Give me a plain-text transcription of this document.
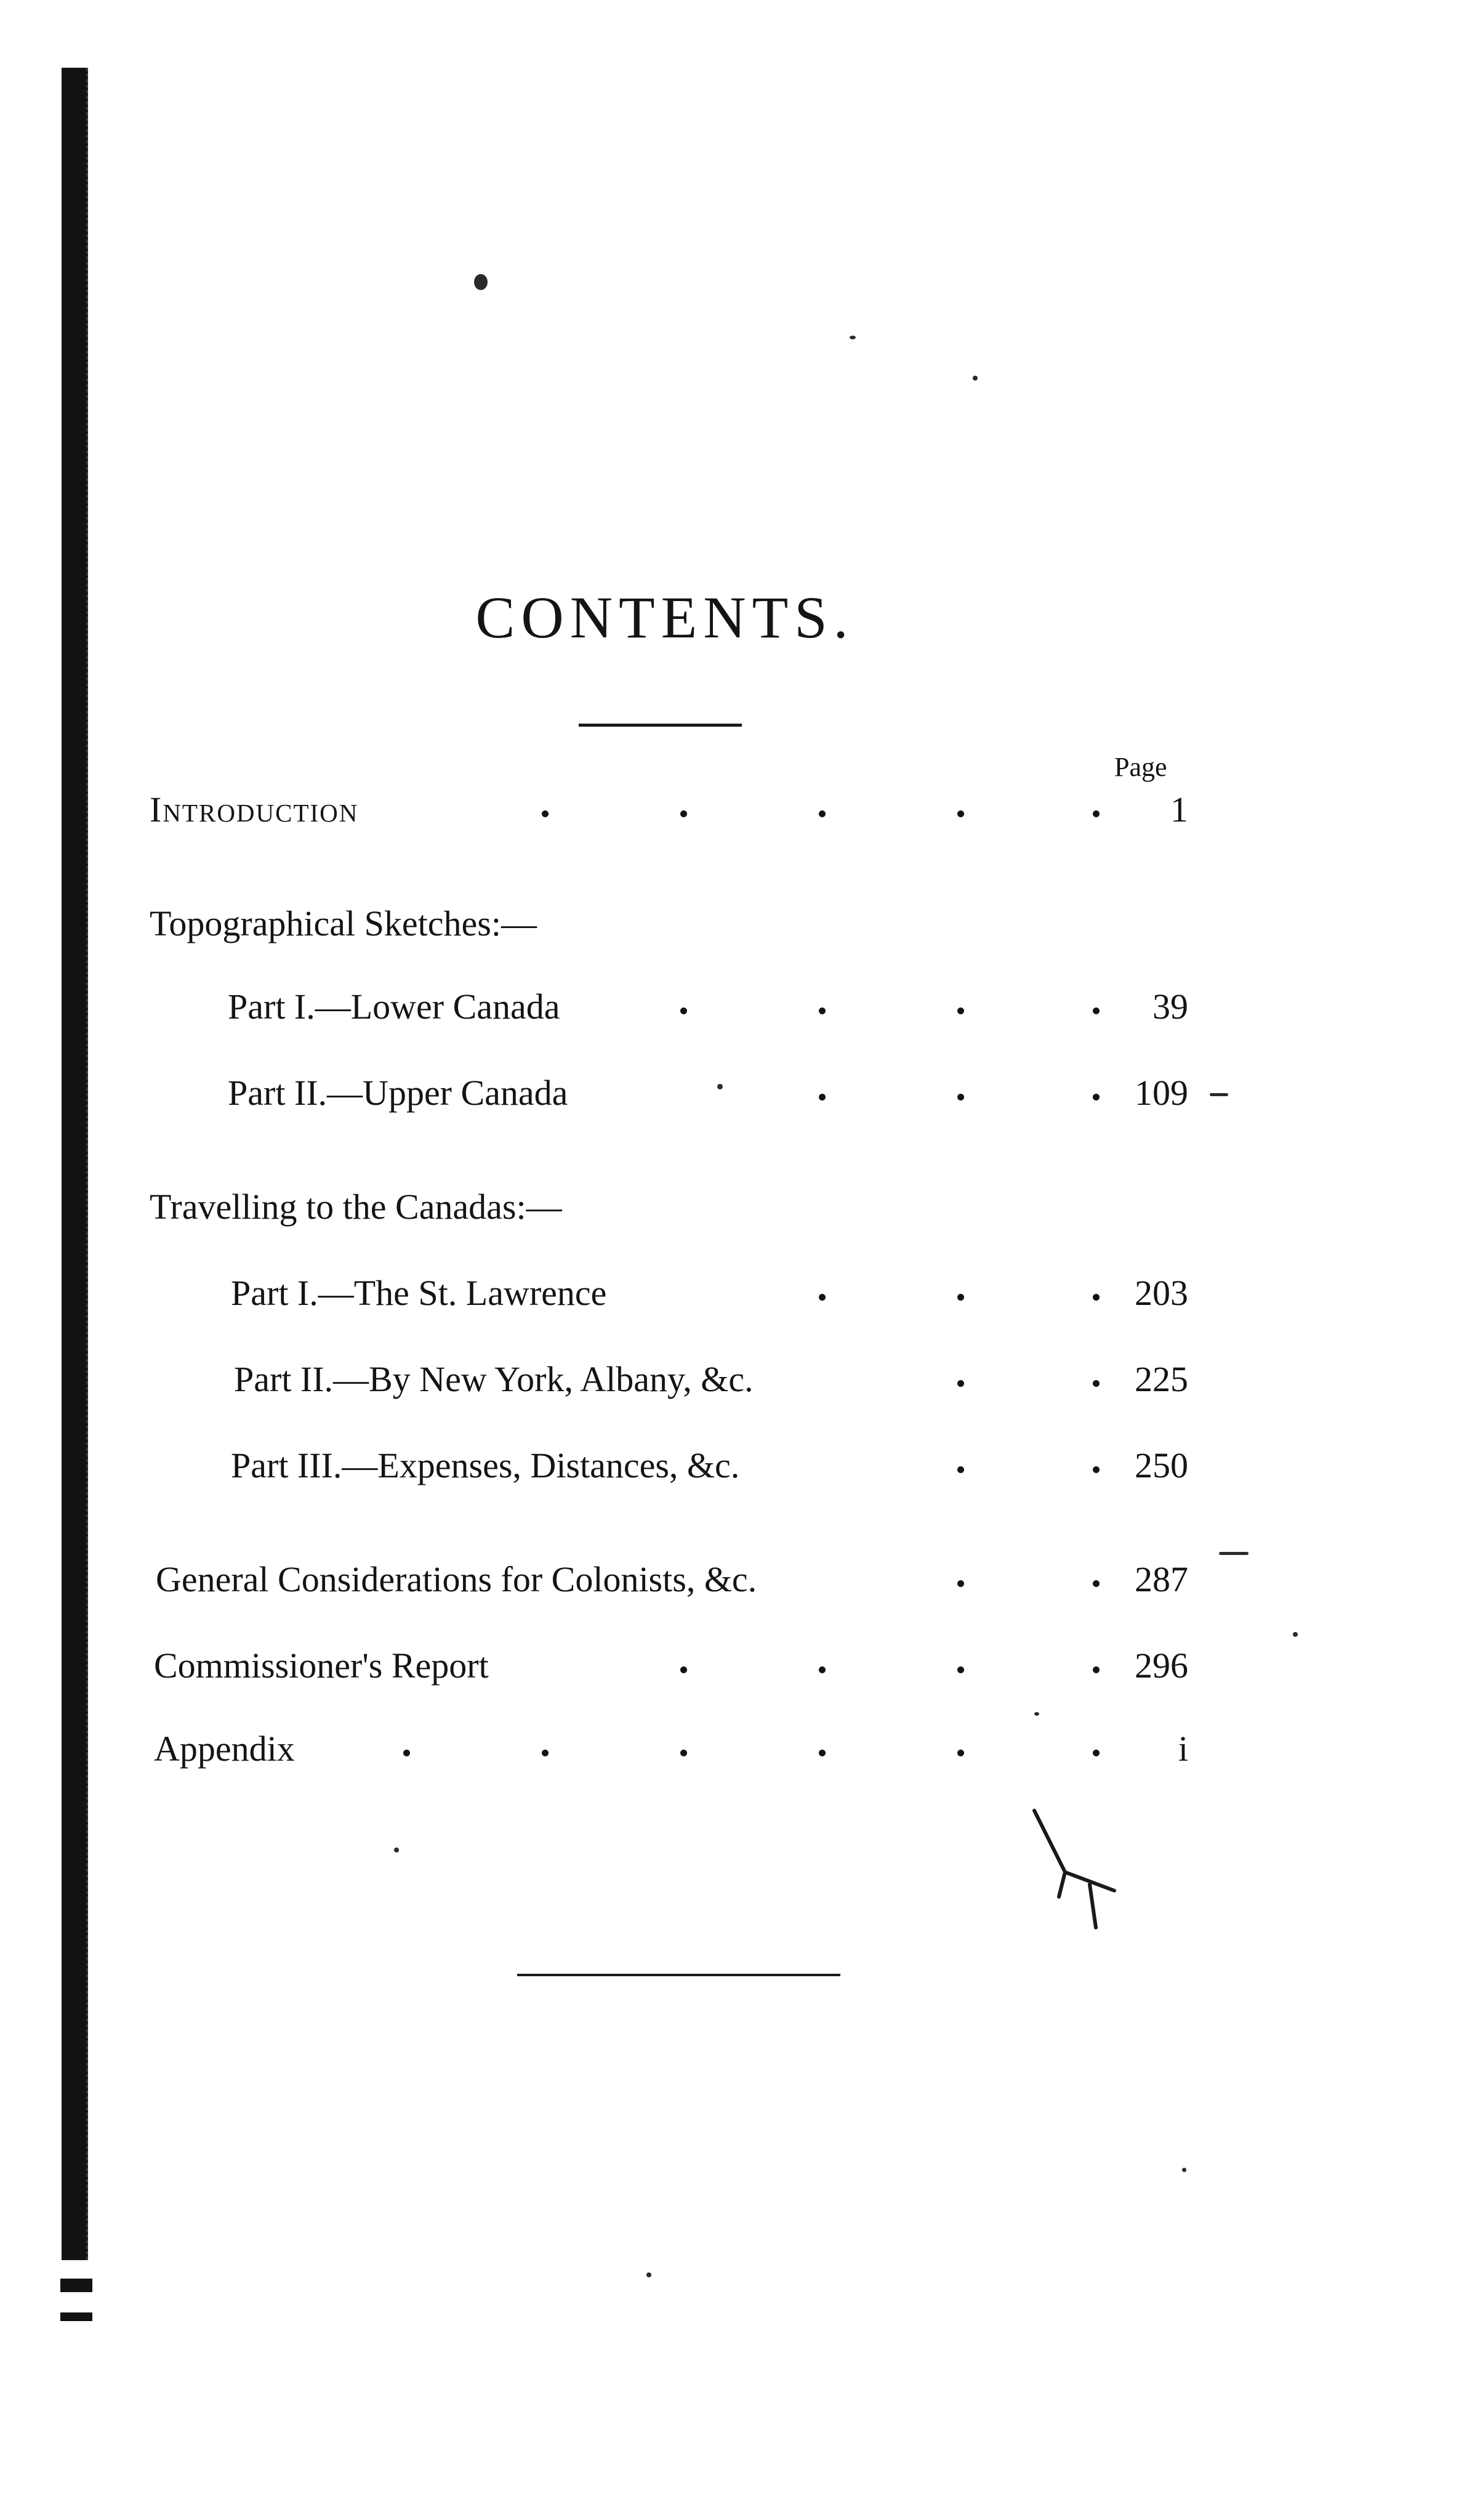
CONTENTS.
Page
Introduction	1
Topographical Sketches:—
Part I.—Lower Canada	39
Part II.—Upper Canada	109
Travelling to the Canadas:—
Part I.—The St. Lawrence	203
Part II.—By New York, Albany, &c.	225
Part III.—Expenses, Distances, &c.	250
General Considerations for Colonists, &c.	287
Commissioner's Report	296
Appendix	i
